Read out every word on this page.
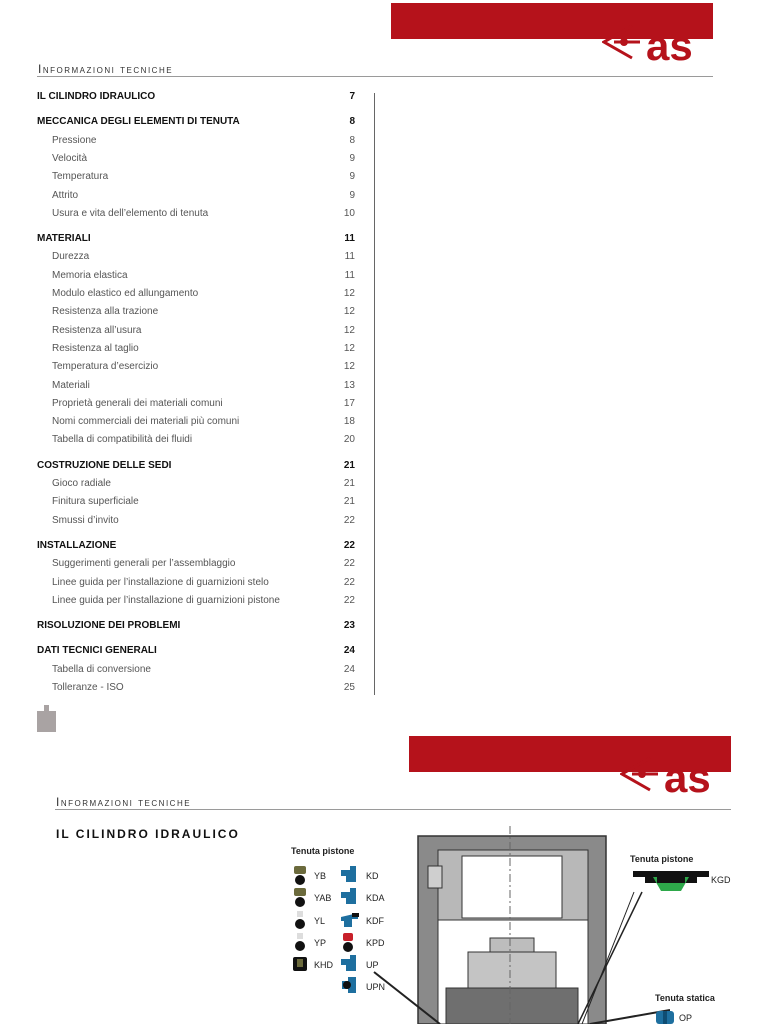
as
Informazioni tecniche
IL CILINDRO IDRAULICO	7
MECCANICA DEGLI ELEMENTI DI TENUTA	8
Pressione	8
Velocità	9
Temperatura	9
Attrito	9
Usura e vita dell’elemento di tenuta	10
MATERIALI	11
Durezza	11
Memoria elastica	11
Modulo elastico ed allungamento	12
Resistenza alla trazione	12
Resistenza all’usura	12
Resistenza al taglio	12
Temperatura d’esercizio	12
Materiali	13
Proprietà generali dei materiali comuni	17
Nomi commerciali dei materiali più comuni	18
Tabella di compatibilità dei fluidi	20
COSTRUZIONE DELLE SEDI	21
Gioco radiale	21
Finitura superficiale	21
Smussi d’invito	22
INSTALLAZIONE	22
Suggerimenti generali per l’assemblaggio	22
Linee guida per l’installazione di guarnizioni stelo	22
Linee guida per l’installazione di guarnizioni pistone	22
RISOLUZIONE DEI PROBLEMI	23
DATI TECNICI GENERALI	24
Tabella di conversione	24
Tolleranze - ISO	25
as
Informazioni tecniche
IL CILINDRO IDRAULICO
Tenuta pistone
YB
YAB
YL
YP
KHD
KD
KDA
KDF
KPD
UP
UPN
Tenuta pistone
KGD
Tenuta statica
OP
